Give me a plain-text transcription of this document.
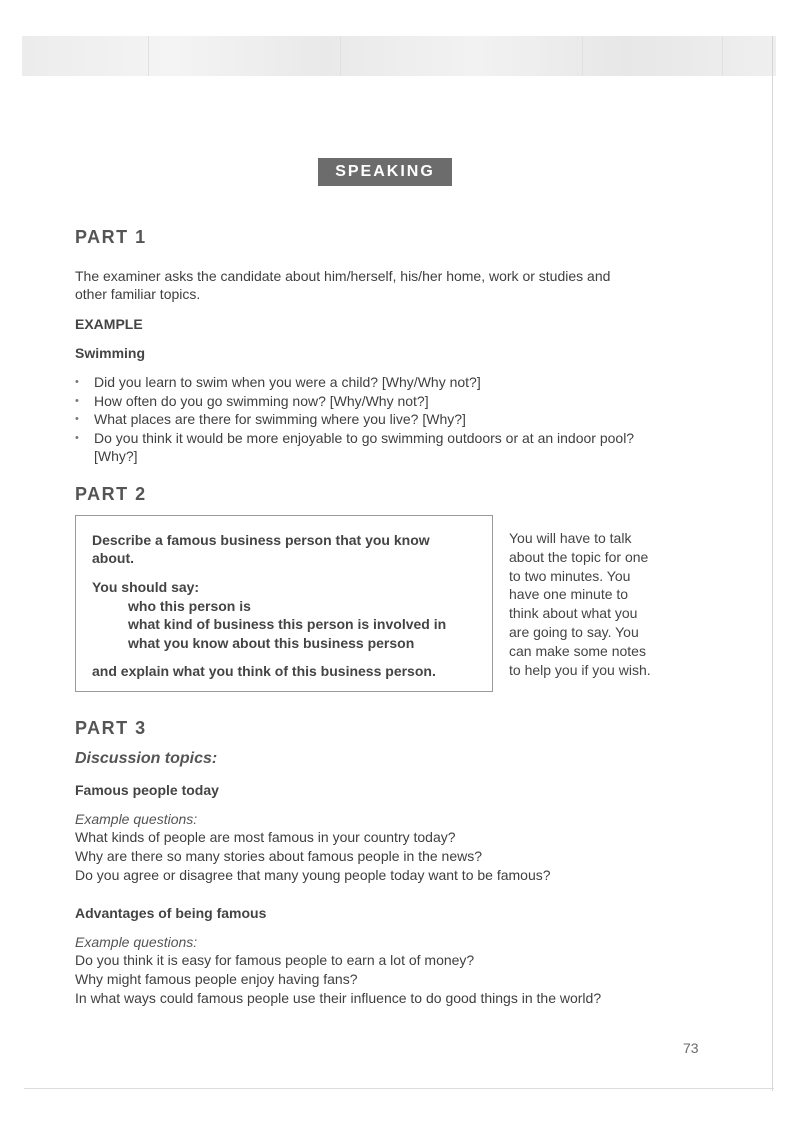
SPEAKING
PART 1
The examiner asks the candidate about him/herself, his/her home, work or studies and
other familiar topics.
EXAMPLE
Swimming
• Did you learn to swim when you were a child? [Why/Why not?]
• How often do you go swimming now? [Why/Why not?]
• What places are there for swimming where you live? [Why?]
• Do you think it would be more enjoyable to go swimming outdoors or at an indoor pool? [Why?]
PART 2
Describe a famous business person that you know
about.
You should say:
who this person is
what kind of business this person is involved in
what you know about this business person
and explain what you think of this business person.
You will have to talk
about the topic for one
to two minutes. You
have one minute to
think about what you
are going to say. You
can make some notes
to help you if you wish.
PART 3
Discussion topics:
Famous people today
Example questions:
What kinds of people are most famous in your country today?
Why are there so many stories about famous people in the news?
Do you agree or disagree that many young people today want to be famous?
Advantages of being famous
Example questions:
Do you think it is easy for famous people to earn a lot of money?
Why might famous people enjoy having fans?
In what ways could famous people use their influence to do good things in the world?
73
